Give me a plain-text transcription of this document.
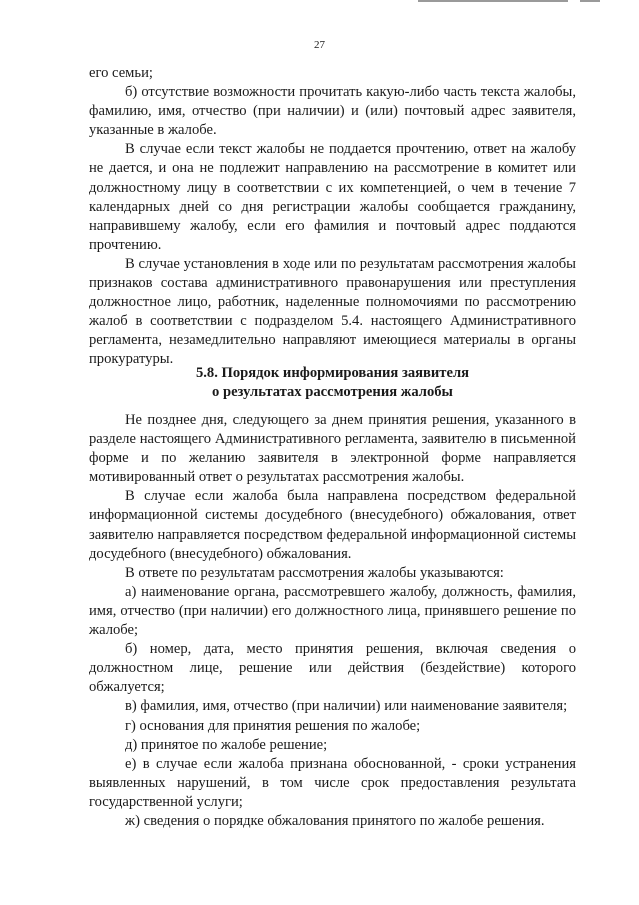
27

его семьи;

б) отсутствие возможности прочитать какую-либо часть текста жалобы, фамилию, имя, отчество (при наличии) и (или) почтовый адрес заявителя, указанные в жалобе.

В случае если текст жалобы не поддается прочтению, ответ на жалобу не дается, и она не подлежит направлению на рассмотрение в комитет или должностному лицу в соответствии с их компетенцией, о чем в течение 7 календарных дней со дня регистрации жалобы сообщается гражданину, направившему жалобу, если его фамилия и почтовый адрес поддаются прочтению.

В случае установления в ходе или по результатам рассмотрения жалобы признаков состава административного правонарушения или преступления должностное лицо, работник, наделенные полномочиями по рассмотрению жалоб в соответствии с подразделом 5.4. настоящего Административного регламента, незамедлительно направляют имеющиеся материалы в органы прокуратуры.

5.8. Порядок информирования заявителя
о результатах рассмотрения жалобы

Не позднее дня, следующего за днем принятия решения, указанного в разделе настоящего Административного регламента, заявителю в письменной форме и по желанию заявителя в электронной форме направляется мотивированный ответ о результатах рассмотрения жалобы.

В случае если жалоба была направлена посредством федеральной информационной системы досудебного (внесудебного) обжалования, ответ заявителю направляется посредством федеральной информационной системы досудебного (внесудебного) обжалования.

В ответе по результатам рассмотрения жалобы указываются:

а) наименование органа, рассмотревшего жалобу, должность, фамилия, имя, отчество (при наличии) его должностного лица, принявшего решение по жалобе;

б) номер, дата, место принятия решения, включая сведения о должностном лице, решение или действия (бездействие) которого обжалуется;

в) фамилия, имя, отчество (при наличии) или наименование заявителя;

г) основания для принятия решения по жалобе;

д) принятое по жалобе решение;

е) в случае если жалоба признана обоснованной, - сроки устранения выявленных нарушений, в том числе срок предоставления результата государственной услуги;

ж) сведения о порядке обжалования принятого по жалобе решения.
